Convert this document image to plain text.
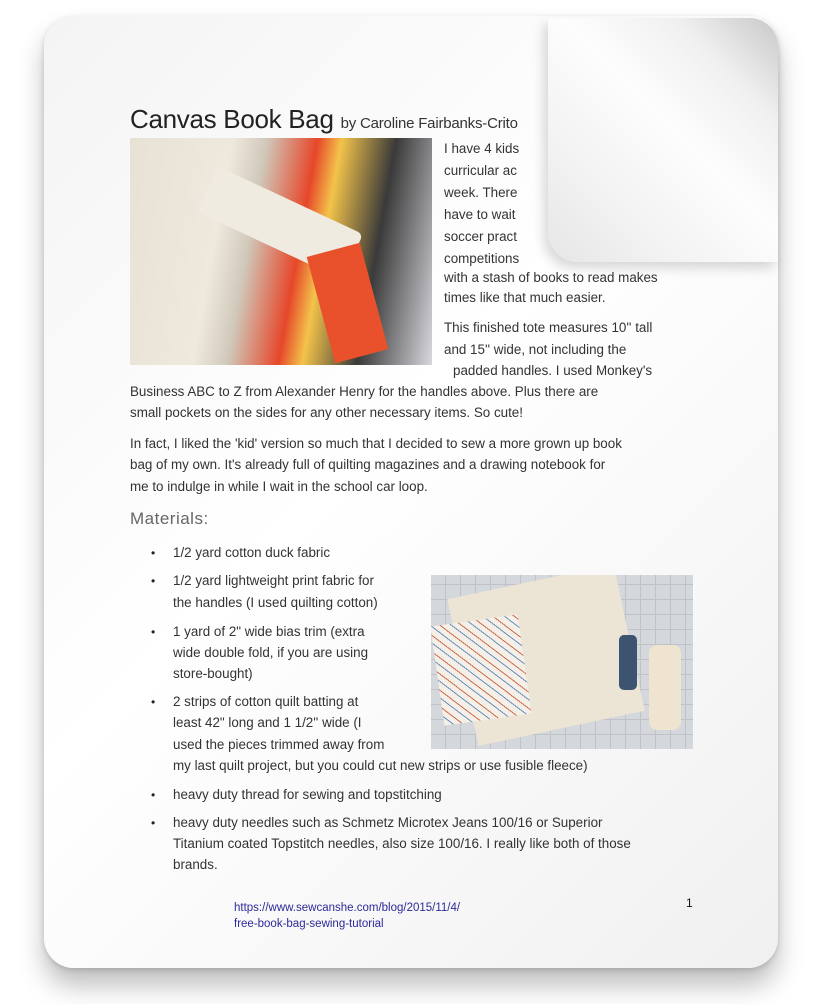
Canvas Book Bag by Caroline Fairbanks-Crito
I have 4 kids
curricular ac
week. There
have to wait
soccer pract
competitions
with a stash of books to read makes
times like that much easier.
This finished tote measures 10'' tall
and 15'' wide, not including the
padded handles. I used Monkey's
Business ABC to Z from Alexander Henry for the handles above. Plus there are
small pockets on the sides for any other necessary items. So cute!
In fact, I liked the 'kid' version so much that I decided to sew a more grown up book
bag of my own. It's already full of quilting magazines and a drawing notebook for
me to indulge in while I wait in the school car loop.
Materials:
• 1/2 yard cotton duck fabric
• 1/2 yard lightweight print fabric for
the handles (I used quilting cotton)
• 1 yard of 2" wide bias trim (extra
wide double fold, if you are using
store-bought)
• 2 strips of cotton quilt batting at
least 42" long and 1 1/2'' wide (I
used the pieces trimmed away from
my last quilt project, but you could cut new strips or use fusible fleece)
• heavy duty thread for sewing and topstitching
• heavy duty needles such as Schmetz Microtex Jeans 100/16 or Superior
Titanium coated Topstitch needles, also size 100/16. I really like both of those
brands.
https://www.sewcanshe.com/blog/2015/11/4/
free-book-bag-sewing-tutorial
1
